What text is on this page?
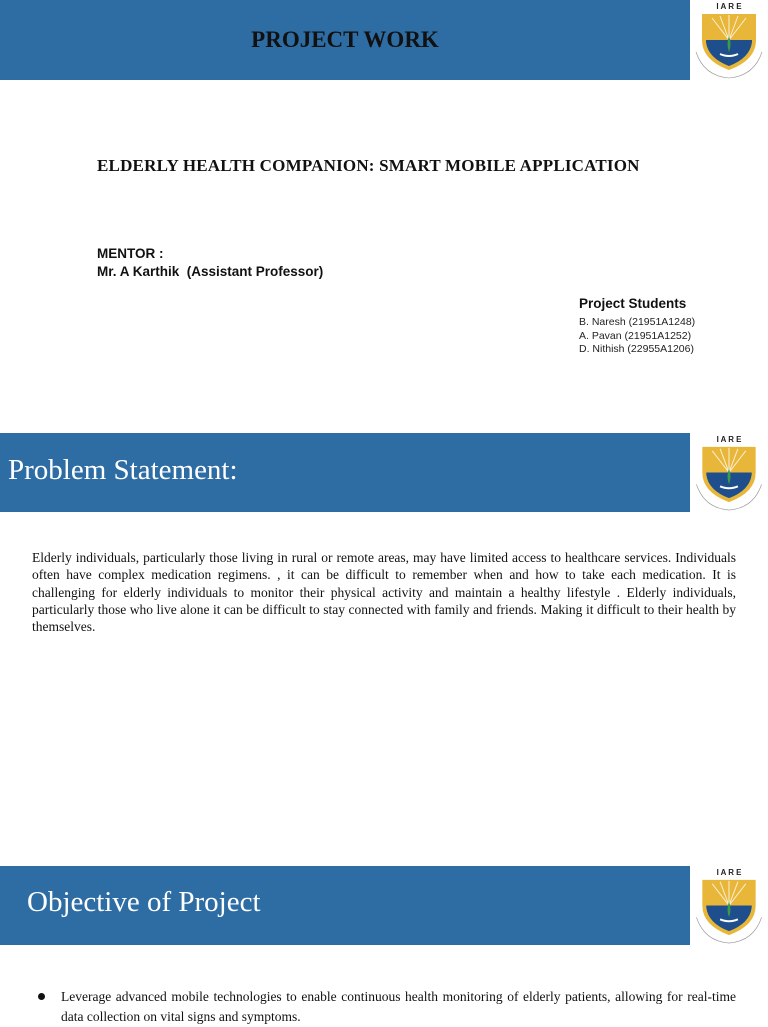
PROJECT WORK
I A R E
ELDERLY HEALTH COMPANION: SMART MOBILE APPLICATION
MENTOR :
Mr. A Karthik  (Assistant Professor)
Project Students
B. Naresh (21951A1248)
A. Pavan (21951A1252)
D. Nithish (22955A1206)
Problem Statement:
I A R E
Elderly individuals, particularly those living in rural or remote areas, may have limited access to healthcare services. Individuals often have complex medication regimens. , it can be difficult to remember when and how to take each medication. It is challenging for elderly individuals to monitor their physical activity and maintain a healthy lifestyle . Elderly individuals, particularly those who live alone it can be difficult to stay connected with family and friends. Making it difficult to their health by themselves.
Objective of Project
I A R E
Leverage advanced mobile technologies to enable continuous health monitoring of elderly patients, allowing for real-time data collection on vital signs and symptoms.
